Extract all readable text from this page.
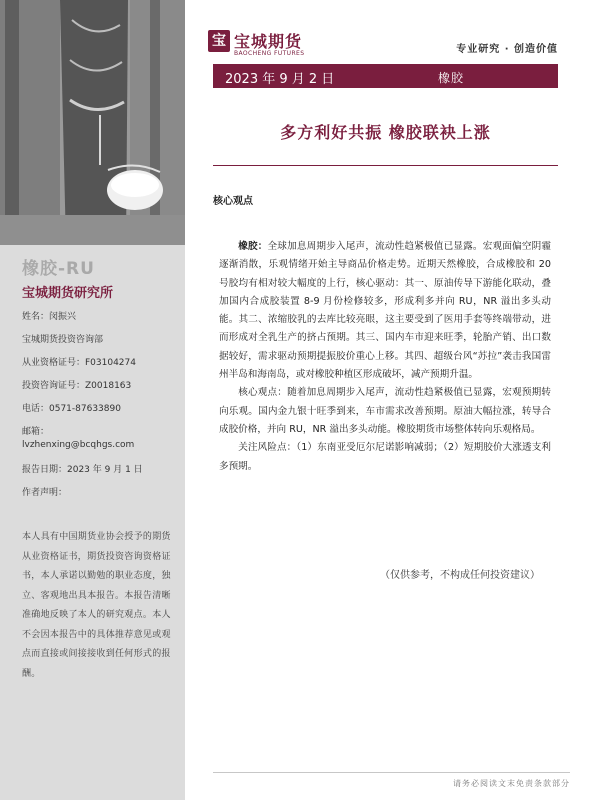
橡胶-RU
宝城期货研究所
姓名：闵振兴
宝城期货投资咨询部
从业资格证号：F03104274
投资咨询证号：Z0018163
电话：0571-87633890
邮箱：
lvzhenxing@bcqhgs.com
报告日期：2023 年 9 月 1 日
作者声明：
本人具有中国期货业协会授予的期货从业资格证书，期货投资咨询资格证书，本人承诺以勤勉的职业态度，独立、客观地出具本报告。本报告清晰准确地反映了本人的研究观点。本人不会因本报告中的具体推荐意见或观点而直接或间接接收到任何形式的报酬。
宝 宝城期货
BAOCHENG FUTURES	专业研究 · 创造价值
2023 年 9 月 2 日	橡胶
多方利好共振 橡胶联袂上涨
核心观点

橡胶：全球加息周期步入尾声，流动性趋紧极值已显露。宏观面偏空阴霾逐渐消散，乐观情绪开始主导商品价格走势。近期天然橡胶，合成橡胶和 20 号胶均有相对较大幅度的上行，核心驱动：其一、原油传导下游能化联动，叠加国内合成胶装置 8-9 月份检修较多，形成利多并向 RU，NR 溢出多头动能。其二、浓缩胶乳的去库比较亮眼，这主要受到了医用手套等终端带动，进而形成对全乳生产的挤占预期。其三、国内车市迎来旺季，轮胎产销、出口数据较好，需求驱动预期提振胶价重心上移。其四、超级台风“苏拉”袭击我国雷州半岛和海南岛，或对橡胶种植区形成破坏，减产预期升温。

核心观点：随着加息周期步入尾声，流动性趋紧极值已显露，宏观预期转向乐观。国内金九银十旺季到来，车市需求改善预期。原油大幅拉涨，转导合成胶价格，并向 RU，NR 溢出多头动能。橡胶期货市场整体转向乐观格局。

关注风险点：（1）东南亚受厄尔尼诺影响减弱；（2）短期胶价大涨透支利多预期。

（仅供参考，不构成任何投资建议）
请务必阅读文末免责条款部分
